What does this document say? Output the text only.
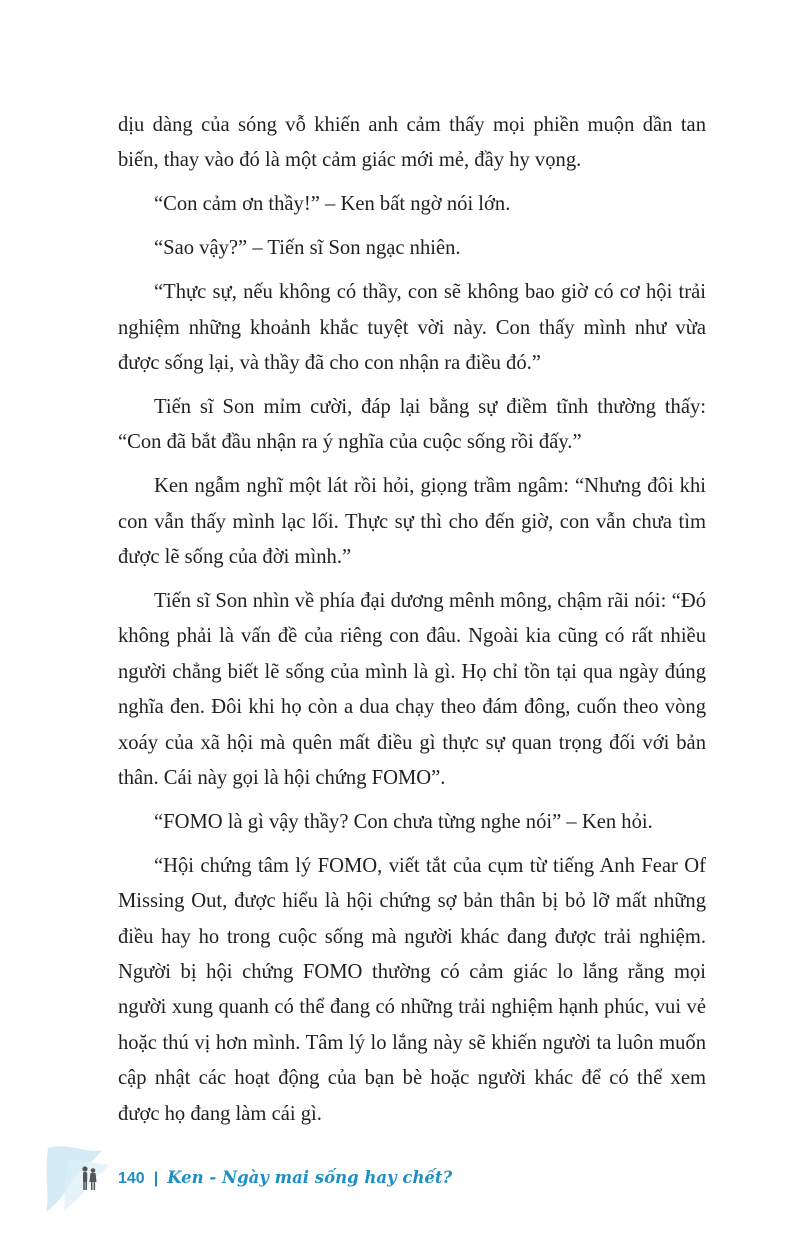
dịu dàng của sóng vỗ khiến anh cảm thấy mọi phiền muộn dần tan biến, thay vào đó là một cảm giác mới mẻ, đầy hy vọng.

“Con cảm ơn thầy!” – Ken bất ngờ nói lớn.

“Sao vậy?” – Tiến sĩ Son ngạc nhiên.

“Thực sự, nếu không có thầy, con sẽ không bao giờ có cơ hội trải nghiệm những khoảnh khắc tuyệt vời này. Con thấy mình như vừa được sống lại, và thầy đã cho con nhận ra điều đó.”

Tiến sĩ Son mỉm cười, đáp lại bằng sự điềm tĩnh thường thấy: “Con đã bắt đầu nhận ra ý nghĩa của cuộc sống rồi đấy.”

Ken ngẫm nghĩ một lát rồi hỏi, giọng trầm ngâm: “Nhưng đôi khi con vẫn thấy mình lạc lối. Thực sự thì cho đến giờ, con vẫn chưa tìm được lẽ sống của đời mình.”

Tiến sĩ Son nhìn về phía đại dương mênh mông, chậm rãi nói: “Đó không phải là vấn đề của riêng con đâu. Ngoài kia cũng có rất nhiều người chẳng biết lẽ sống của mình là gì. Họ chỉ tồn tại qua ngày đúng nghĩa đen. Đôi khi họ còn a dua chạy theo đám đông, cuốn theo vòng xoáy của xã hội mà quên mất điều gì thực sự quan trọng đối với bản thân. Cái này gọi là hội chứng FOMO”.

“FOMO là gì vậy thầy? Con chưa từng nghe nói” – Ken hỏi.

“Hội chứng tâm lý FOMO, viết tắt của cụm từ tiếng Anh Fear Of Missing Out, được hiểu là hội chứng sợ bản thân bị bỏ lỡ mất những điều hay ho trong cuộc sống mà người khác đang được trải nghiệm. Người bị hội chứng FOMO thường có cảm giác lo lắng rằng mọi người xung quanh có thể đang có những trải nghiệm hạnh phúc, vui vẻ hoặc thú vị hơn mình. Tâm lý lo lắng này sẽ khiến người ta luôn muốn cập nhật các hoạt động của bạn bè hoặc người khác để có thể xem được họ đang làm cái gì.

140 | Ken - Ngày mai sống hay chết?
